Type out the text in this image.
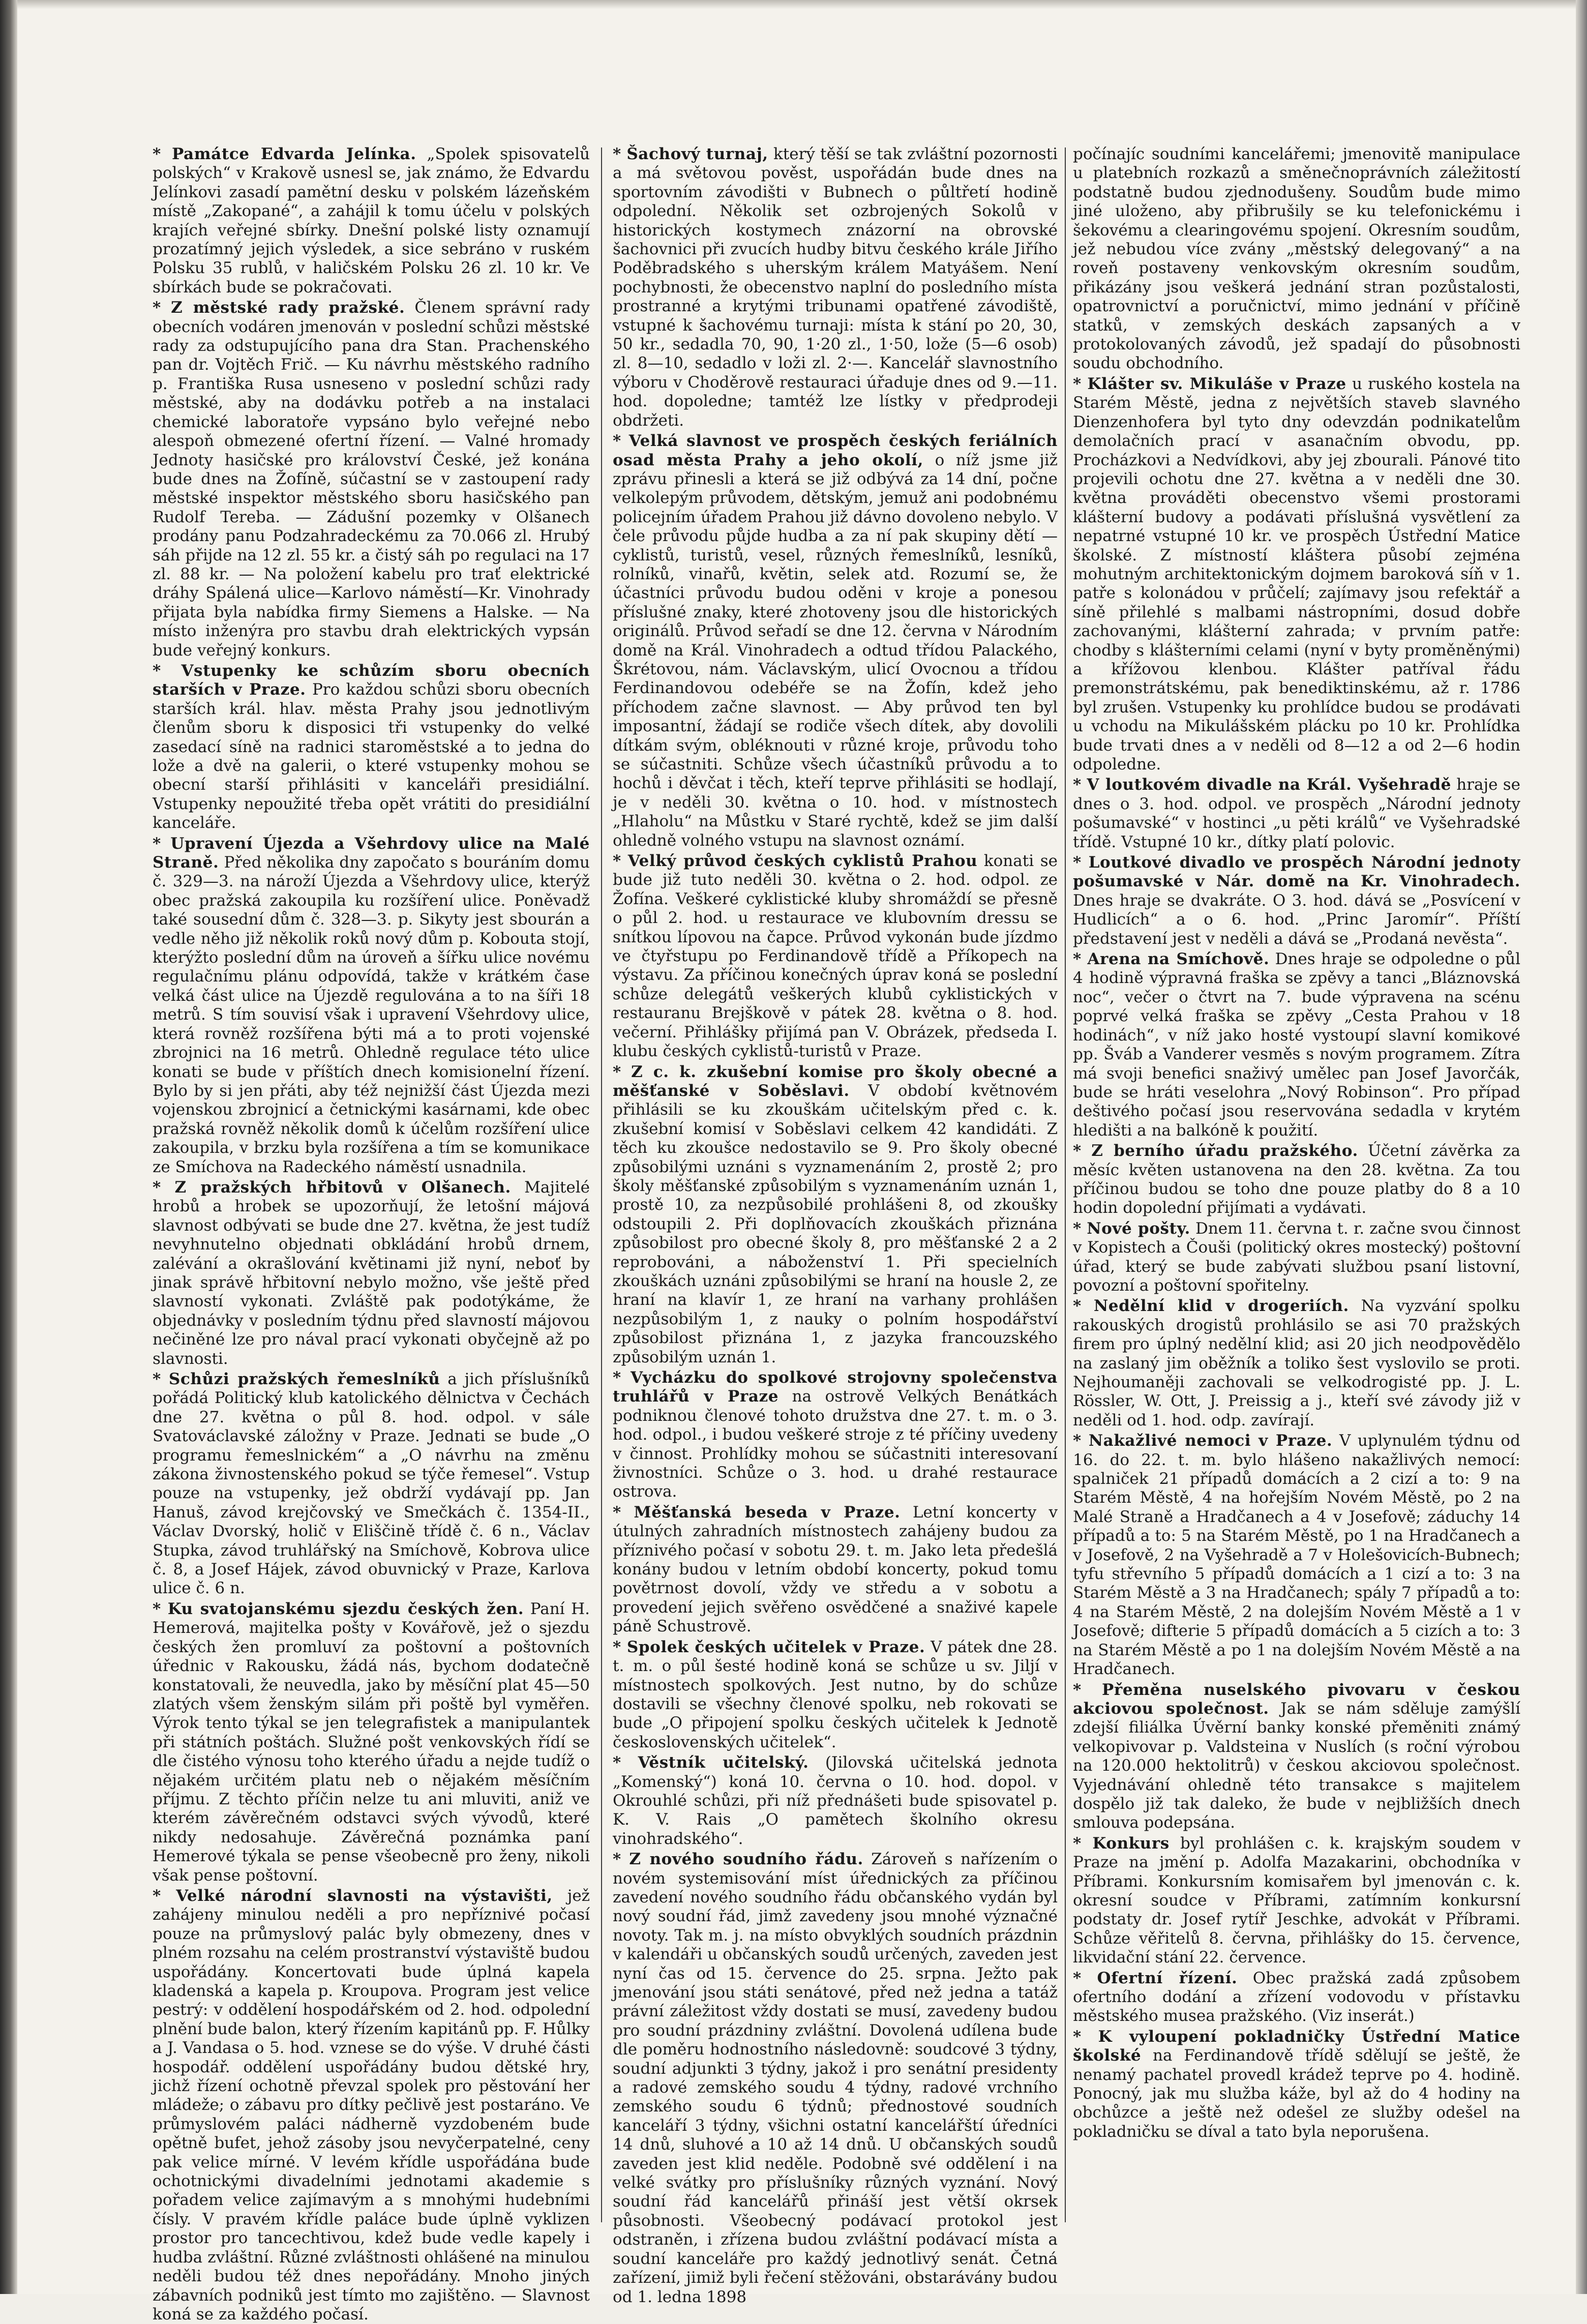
* Památce Edvarda Jelínka. „Spolek spisovatelů polských“ v Krakově usnesl se, jak známo, že Edvardu Jelínkovi zasadí pamětní desku v polském lázeňském místě „Zakopané“, a zahájil k tomu účelu v polských krajích veřejné sbírky. Dnešní polské listy oznamují prozatímný jejich výsledek, a sice sebráno v ruském Polsku 35 rublů, v haličském Polsku 26 zl. 10 kr. Ve sbírkách bude se pokračovati.

* Z městské rady pražské. Členem správní rady obecních vodáren jmenován v poslední schůzi městské rady za odstupujícího pana dra Stan. Prachenského pan dr. Vojtěch Frič. — Ku návrhu městského radního p. Františka Rusa usneseno v poslední schůzi rady městské, aby na dodávku potřeb a na instalaci chemické laboratoře vypsáno bylo veřejné nebo alespoň obmezené ofertní řízení. — Valné hromady Jednoty hasičské pro království České, jež konána bude dnes na Žofíně, súčastní se v zastoupení rady městské inspektor městského sboru hasičského pan Rudolf Tereba. — Zádušní pozemky v Olšanech prodány panu Podzahradeckému za 70.066 zl. Hrubý sáh přijde na 12 zl. 55 kr. a čistý sáh po regulaci na 17 zl. 88 kr. — Na položení kabelu pro trať elektrické dráhy Spálená ulice—Karlovo náměstí—Kr. Vinohrady přijata byla nabídka firmy Siemens a Halske. — Na místo inženýra pro stavbu drah elektrických vypsán bude veřejný konkurs.

* Vstupenky ke schůzím sboru obecních starších v Praze. Pro každou schůzi sboru obecních starších král. hlav. města Prahy jsou jednotlivým členům sboru k disposici tři vstupenky do velké zasedací síně na radnici staroměstské a to jedna do lože a dvě na galerii, o které vstupenky mohou se obecní starší přihlásiti v kanceláři presidiální. Vstupenky nepoužité třeba opět vrátiti do presidiální kanceláře.

* Upravení Újezda a Všehrdovy ulice na Malé Straně. Před několika dny započato s bouráním domu č. 329—3. na nároží Újezda a Všehrdovy ulice, kterýž obec pražská zakoupila ku rozšíření ulice. Poněvadž také sousední dům č. 328—3. p. Sikyty jest sbourán a vedle něho již několik roků nový dům p. Kobouta stojí, kterýžto poslední dům na úroveň a šířku ulice novému regulačnímu plánu odpovídá, takže v krátkém čase velká část ulice na Újezdě regulována a to na šíři 18 metrů. S tím souvisí však i upravení Všehrdovy ulice, která rovněž rozšířena býti má a to proti vojenské zbrojnici na 16 metrů. Ohledně regulace této ulice konati se bude v příštích dnech komisionelní řízení. Bylo by si jen přáti, aby též nejnižší část Újezda mezi vojenskou zbrojnicí a četnickými kasárnami, kde obec pražská rovněž několik domů k účelům rozšíření ulice zakoupila, v brzku byla rozšířena a tím se komunikace ze Smíchova na Radeckého náměstí usnadnila.

* Z pražských hřbitovů v Olšanech. Majitelé hrobů a hrobek se upozorňují, že letošní májová slavnost odbývati se bude dne 27. května, že jest tudíž nevyhnutelno objednati obkládání hrobů drnem, zalévání a okrašlování květinami již nyní, neboť by jinak správě hřbitovní nebylo možno, vše ještě před slavností vykonati. Zvláště pak podotýkáme, že objednávky v posledním týdnu před slavností májovou nečiněné lze pro nával prací vykonati obyčejně až po slavnosti.

* Schůzi pražských řemeslníků a jich příslušníků pořádá Politický klub katolického dělnictva v Čechách dne 27. května o půl 8. hod. odpol. v sále Svatováclavské záložny v Praze. Jednati se bude „O programu řemeslnickém“ a „O návrhu na změnu zákona živnostenského pokud se týče řemesel“. Vstup pouze na vstupenky, jež obdrží vydávají pp. Jan Hanuš, závod krejčovský ve Smečkách č. 1354-II., Václav Dvorský, holič v Eliščině třídě č. 6 n., Václav Stupka, závod truhlářský na Smíchově, Kobrova ulice č. 8, a Josef Hájek, závod obuvnický v Praze, Karlova ulice č. 6 n.

* Ku svatojanskému sjezdu českých žen. Paní H. Hemerová, majitelka pošty v Kovářově, jež o sjezdu českých žen promluví za poštovní a poštovních úřednic v Rakousku, žádá nás, bychom dodatečně konstatovali, že neuvedla, jako by měsíční plat 45—50 zlatých všem ženským silám při poště byl vyměřen. Výrok tento týkal se jen telegrafistek a manipulantek při státních poštách. Služné pošt venkovských řídí se dle čistého výnosu toho kterého úřadu a nejde tudíž o nějakém určitém platu neb o nějakém měsíčním příjmu. Z těchto příčin nelze tu ani mluviti, aniž ve kterém závěrečném odstavci svých vývodů, které nikdy nedosahuje. Závěrečná poznámka paní Hemerové týkala se pense všeobecně pro ženy, nikoli však pense poštovní.

* Velké národní slavnosti na výstavišti, jež zahájeny minulou neděli a pro nepříznivé počasí pouze na průmyslový palác byly obmezeny, dnes v plném rozsahu na celém prostranství výstaviště budou uspořádány. Koncertovati bude úplná kapela kladenská a kapela p. Kroupova. Program jest velice pestrý: v oddělení hospodářském od 2. hod. odpolední plnění bude balon, který řízením kapitánů pp. F. Hůlky a J. Vandasa o 5. hod. vznese se do výše. V druhé části hospodář. oddělení uspořádány budou dětské hry, jichž řízení ochotně převzal spolek pro pěstování her mládeže; o zábavu pro dítky pečlivě jest postaráno. Ve průmyslovém paláci nádherně vyzdobeném bude opětně bufet, jehož zásoby jsou nevyčerpatelné, ceny pak velice mírné. V levém křídle uspořádána bude ochotnickými divadelními jednotami akademie s pořadem velice zajímavým a s mnohými hudebními čísly. V pravém křídle paláce bude úplně vyklizen prostor pro tancechtivou, kdež bude vedle kapely i hudba zvláštní. Různé zvláštnosti ohlášené na minulou neděli budou též dnes nepořádány. Mnoho jiných zábavních podniků jest tímto mo zajištěno. — Slavnost koná se za každého počasí.

* Šachový turnaj, který těší se tak zvláštní pozornosti a má světovou pověst, uspořádán bude dnes na sportovním závodišti v Bubnech o půltřetí hodině odpolední. Několik set ozbrojených Sokolů v historických kostymech znázorní na obrovské šachovnici při zvucích hudby bitvu českého krále Jiřího Poděbradského s uherským králem Matyášem. Není pochybnosti, že obecenstvo naplní do posledního místa prostranné a krytými tribunami opatřené závodiště, vstupné k šachovému turnaji: místa k stání po 20, 30, 50 kr., sedadla 70, 90, 1·20 zl., 1·50, lože (5—6 osob) zl. 8—10, sedadlo v loži zl. 2·—. Kancelář slavnostního výboru v Choděrově restauraci úřaduje dnes od 9.—11. hod. dopoledne; tamtéž lze lístky v předprodeji obdržeti.

* Velká slavnost ve prospěch českých feriálních osad města Prahy a jeho okolí, o níž jsme již zprávu přinesli a která se již odbývá za 14 dní, počne velkolepým průvodem, dětským, jemuž ani podobnému policejním úřadem Prahou již dávno dovoleno nebylo. V čele průvodu půjde hudba a za ní pak skupiny dětí — cyklistů, turistů, vesel, různých řemeslníků, lesníků, rolníků, vinařů, květin, selek atd. Rozumí se, že účastníci průvodu budou oděni v kroje a ponesou příslušné znaky, které zhotoveny jsou dle historických originálů. Průvod seřadí se dne 12. června v Národním domě na Král. Vinohradech a odtud třídou Palackého, Škrétovou, nám. Václavským, ulicí Ovocnou a třídou Ferdinandovou odebéře se na Žofín, kdež jeho příchodem začne slavnost. — Aby průvod ten byl imposantní, žádají se rodiče všech dítek, aby dovolili dítkám svým, obléknouti v různé kroje, průvodu toho se súčastniti. Schůze všech účastníků průvodu a to hochů i děvčat i těch, kteří teprve přihlásiti se hodlají, je v neděli 30. května o 10. hod. v místnostech „Hlaholu“ na Můstku v Staré rychtě, kdež se jim další ohledně volného vstupu na slavnost oznámí.

* Velký průvod českých cyklistů Prahou konati se bude již tuto neděli 30. května o 2. hod. odpol. ze Žofína. Veškeré cyklistické kluby shromáždí se přesně o půl 2. hod. u restaurace ve klubovním dressu se snítkou lípovou na čapce. Průvod vykonán bude jízdmo ve čtyřstupu po Ferdinandově třídě a Příkopech na výstavu. Za příčinou konečných úprav koná se poslední schůze delegátů veškerých klubů cyklistických v restauranu Brejškově v pátek 28. května o 8. hod. večerní. Přihlášky přijímá pan V. Obrázek, předseda I. klubu českých cyklistů-turistů v Praze.

* Z c. k. zkušební komise pro školy obecné a měšťanské v Soběslavi. V období květnovém přihlásili se ku zkouškám učitelským před c. k. zkušební komisí v Soběslavi celkem 42 kandidáti. Z těch ku zkoušce nedostavilo se 9. Pro školy obecné způsobilými uznáni s vyznamenáním 2, prostě 2; pro školy měšťanské způsobilým s vyznamenáním uznán 1, prostě 10, za nezpůsobilé prohlášeni 8, od zkoušky odstoupili 2. Při doplňovacích zkouškách přiznána způsobilost pro obecné školy 8, pro měšťanské 2 a 2 reprobováni, a náboženství 1. Při specielních zkouškách uznáni způsobilými se hraní na housle 2, ze hraní na klavír 1, ze hraní na varhany prohlášen nezpůsobilým 1, z nauky o polním hospodářství způsobilost přiznána 1, z jazyka francouzského způsobilým uznán 1.

* Vycházku do spolkové strojovny společenstva truhlářů v Praze na ostrově Velkých Benátkách podniknou členové tohoto družstva dne 27. t. m. o 3. hod. odpol., i budou veškeré stroje z té příčiny uvedeny v činnost. Prohlídky mohou se súčastniti interesovaní živnostníci. Schůze o 3. hod. u drahé restaurace ostrova.

* Měšťanská beseda v Praze. Letní koncerty v útulných zahradních místnostech zahájeny budou za příznivého počasí v sobotu 29. t. m. Jako leta předešlá konány budou v letním období koncerty, pokud tomu povětrnost dovolí, vždy ve středu a v sobotu a provedení jejich svěřeno osvědčené a snaživé kapele páně Schustrově.

* Spolek českých učitelek v Praze. V pátek dne 28. t. m. o půl šesté hodině koná se schůze u sv. Jiljí v místnostech spolkových. Jest nutno, by do schůze dostavili se všechny členové spolku, neb rokovati se bude „O připojení spolku českých učitelek k Jednotě československých učitelek“.

* Věstník učitelský. (Jilovská učitelská jednota „Komenský“) koná 10. června o 10. hod. dopol. v Okrouhlé schůzi, při níž přednášeti bude spisovatel p. K. V. Rais „O pamětech školního okresu vinohradského“.

* Z nového soudního řádu. Zároveň s nařízením o novém systemisování míst úřednických za příčinou zavedení nového soudního řádu občanského vydán byl nový soudní řád, jimž zavedeny jsou mnohé význačné novoty. Tak m. j. na místo obvyklých soudních prázdnin v kalendáři u občanských soudů určených, zaveden jest nyní čas od 15. července do 25. srpna. Ježto pak jmenování jsou státi senátové, před než jedna a tatáž právní záležitost vždy dostati se musí, zavedeny budou pro soudní prázdniny zvláštní. Dovolená udílena bude dle poměru hodnostního následovně: soudcové 3 týdny, soudní adjunkti 3 týdny, jakož i pro senátní presidenty a radové zemského soudu 4 týdny, radové vrchního zemského soudu 6 týdnů; přednostové soudních kanceláří 3 týdny, všichni ostatní kancelářští úředníci 14 dnů, sluhové a 10 až 14 dnů. U občanských soudů zaveden jest klid neděle. Podobně své oddělení i na velké svátky pro příslušníky různých vyznání. Nový soudní řád kancelářů přináší jest větší okrsek působnosti. Všeobecný podávací protokol jest odstraněn, i zřízena budou zvláštní podávací místa a soudní kanceláře pro každý jednotlivý senát. Četná zařízení, jimiž byli řečení stěžováni, obstarávány budou od 1. ledna 1898

počínajíc soudními kancelářemi; jmenovitě manipulace u platebních rozkazů a směnečnoprávních záležitostí podstatně budou zjednodušeny. Soudům bude mimo jiné uloženo, aby přibrušily se ku telefonickému i šekovému a clearingovému spojení. Okresním soudům, jež nebudou více zvány „městský delegovaný“ a na roveň postaveny venkovským okresním soudům, přikázány jsou veškerá jednání stran pozůstalosti, opatrovnictví a poručnictví, mimo jednání v příčině statků, v zemských deskách zapsaných a v protokolovaných závodů, jež spadají do působnosti soudu obchodního.

* Klášter sv. Mikuláše v Praze u ruského kostela na Starém Městě, jedna z největších staveb slavného Dienzenhofera byl tyto dny odevzdán podnikatelům demolačních prací v asanačním obvodu, pp. Procházkovi a Nedvídkovi, aby jej zbourali. Pánové tito projevili ochotu dne 27. května a v neděli dne 30. května prováděti obecenstvo všemi prostorami klášterní budovy a podávati příslušná vysvětlení za nepatrné vstupné 10 kr. ve prospěch Ústřední Matice školské. Z místností kláštera působí zejména mohutným architektonickým dojmem baroková síň v 1. patře s kolonádou v průčelí; zajímavy jsou refektář a síně přilehlé s malbami nástropními, dosud dobře zachovanými, klášterní zahrada; v prvním patře: chodby s klášterními celami (nyní v byty proměněnými) a křížovou klenbou. Klášter patříval řádu premonstrátskému, pak benediktinskému, až r. 1786 byl zrušen. Vstupenky ku prohlídce budou se prodávati u vchodu na Mikulášském plácku po 10 kr. Prohlídka bude trvati dnes a v neděli od 8—12 a od 2—6 hodin odpoledne.

* V loutkovém divadle na Král. Vyšehradě hraje se dnes o 3. hod. odpol. ve prospěch „Národní jednoty pošumavské“ v hostinci „u pěti králů“ ve Vyšehradské třídě. Vstupné 10 kr., dítky platí polovic.

* Loutkové divadlo ve prospěch Národní jednoty pošumavské v Nár. domě na Kr. Vinohradech. Dnes hraje se dvakráte. O 3. hod. dává se „Posvícení v Hudlicích“ a o 6. hod. „Princ Jaromír“. Příští představení jest v neděli a dává se „Prodaná nevěsta“.

* Arena na Smíchově. Dnes hraje se odpoledne o půl 4 hodině výpravná fraška se zpěvy a tanci „Bláznovská noc“, večer o čtvrt na 7. bude výpravena na scénu poprvé velká fraška se zpěvy „Cesta Prahou v 18 hodinách“, v níž jako hosté vystoupí slavní komikové pp. Šváb a Vanderer vesměs s novým programem. Zítra má svoji benefici snaživý umělec pan Josef Javorčák, bude se hráti veselohra „Nový Robinson“. Pro případ deštivého počasí jsou reservována sedadla v krytém hledišti a na balkóně k použití.

* Z berního úřadu pražského. Účetní závěrka za měsíc květen ustanovena na den 28. května. Za tou příčinou budou se toho dne pouze platby do 8 a 10 hodin dopolední přijímati a vydávati.

* Nové pošty. Dnem 11. června t. r. začne svou činnost v Kopistech a Čouši (politický okres mostecký) poštovní úřad, který se bude zabývati službou psaní listovní, povozní a poštovní spořitelny.

* Nedělní klid v drogeriích. Na vyzvání spolku rakouských drogistů prohlásilo se asi 70 pražských firem pro úplný nedělní klid; asi 20 jich neodpovědělo na zaslaný jim oběžník a toliko šest vyslovilo se proti. Nejhoumaněji zachovali se velkodrogisté pp. J. L. Rössler, W. Ott, J. Preissig a j., kteří své závody již v neděli od 1. hod. odp. zavírají.

* Nakažlivé nemoci v Praze. V uplynulém týdnu od 16. do 22. t. m. bylo hlášeno nakažlivých nemocí: spalniček 21 případů domácích a 2 cizí a to: 9 na Starém Městě, 4 na hořejším Novém Městě, po 2 na Malé Straně a Hradčanech a 4 v Josefově; záduchy 14 případů a to: 5 na Starém Městě, po 1 na Hradčanech a v Josefově, 2 na Vyšehradě a 7 v Holešovicích-Bubnech; tyfu střevního 5 případů domácích a 1 cizí a to: 3 na Starém Městě a 3 na Hradčanech; spály 7 případů a to: 4 na Starém Městě, 2 na dolejším Novém Městě a 1 v Josefově; difterie 5 případů domácích a 5 cizích a to: 3 na Starém Městě a po 1 na dolejším Novém Městě a na Hradčanech.

* Přeměna nuselského pivovaru v českou akciovou společnost. Jak se nám sděluje zamýšlí zdejší filiálka Úvěrní banky konské přeměniti známý velkopivovar p. Valdsteina v Nuslích (s roční výrobou na 120.000 hektolitrů) v českou akciovou společnost. Vyjednávání ohledně této transakce s majitelem dospělo již tak daleko, že bude v nejbližších dnech smlouva podepsána.

* Konkurs byl prohlášen c. k. krajským soudem v Praze na jmění p. Adolfa Mazakarini, obchodníka v Příbrami. Konkursním komisařem byl jmenován c. k. okresní soudce v Příbrami, zatímním konkursní podstaty dr. Josef rytíř Jeschke, advokát v Příbrami. Schůze věřitelů 8. června, přihlášky do 15. července, likvidační stání 22. července.

* Ofertní řízení. Obec pražská zadá způsobem ofertního dodání a zřízení vodovodu v přístavku městského musea pražského. (Viz inserát.)

* K vyloupení pokladničky Ústřední Matice školské na Ferdinandově třídě sdělují se ještě, že nenamý pachatel provedl krádež teprve po 4. hodině. Ponocný, jak mu služba káže, byl až do 4 hodiny na obchůzce a ještě než odešel ze služby odešel na pokladničku se díval a tato byla neporušena.
